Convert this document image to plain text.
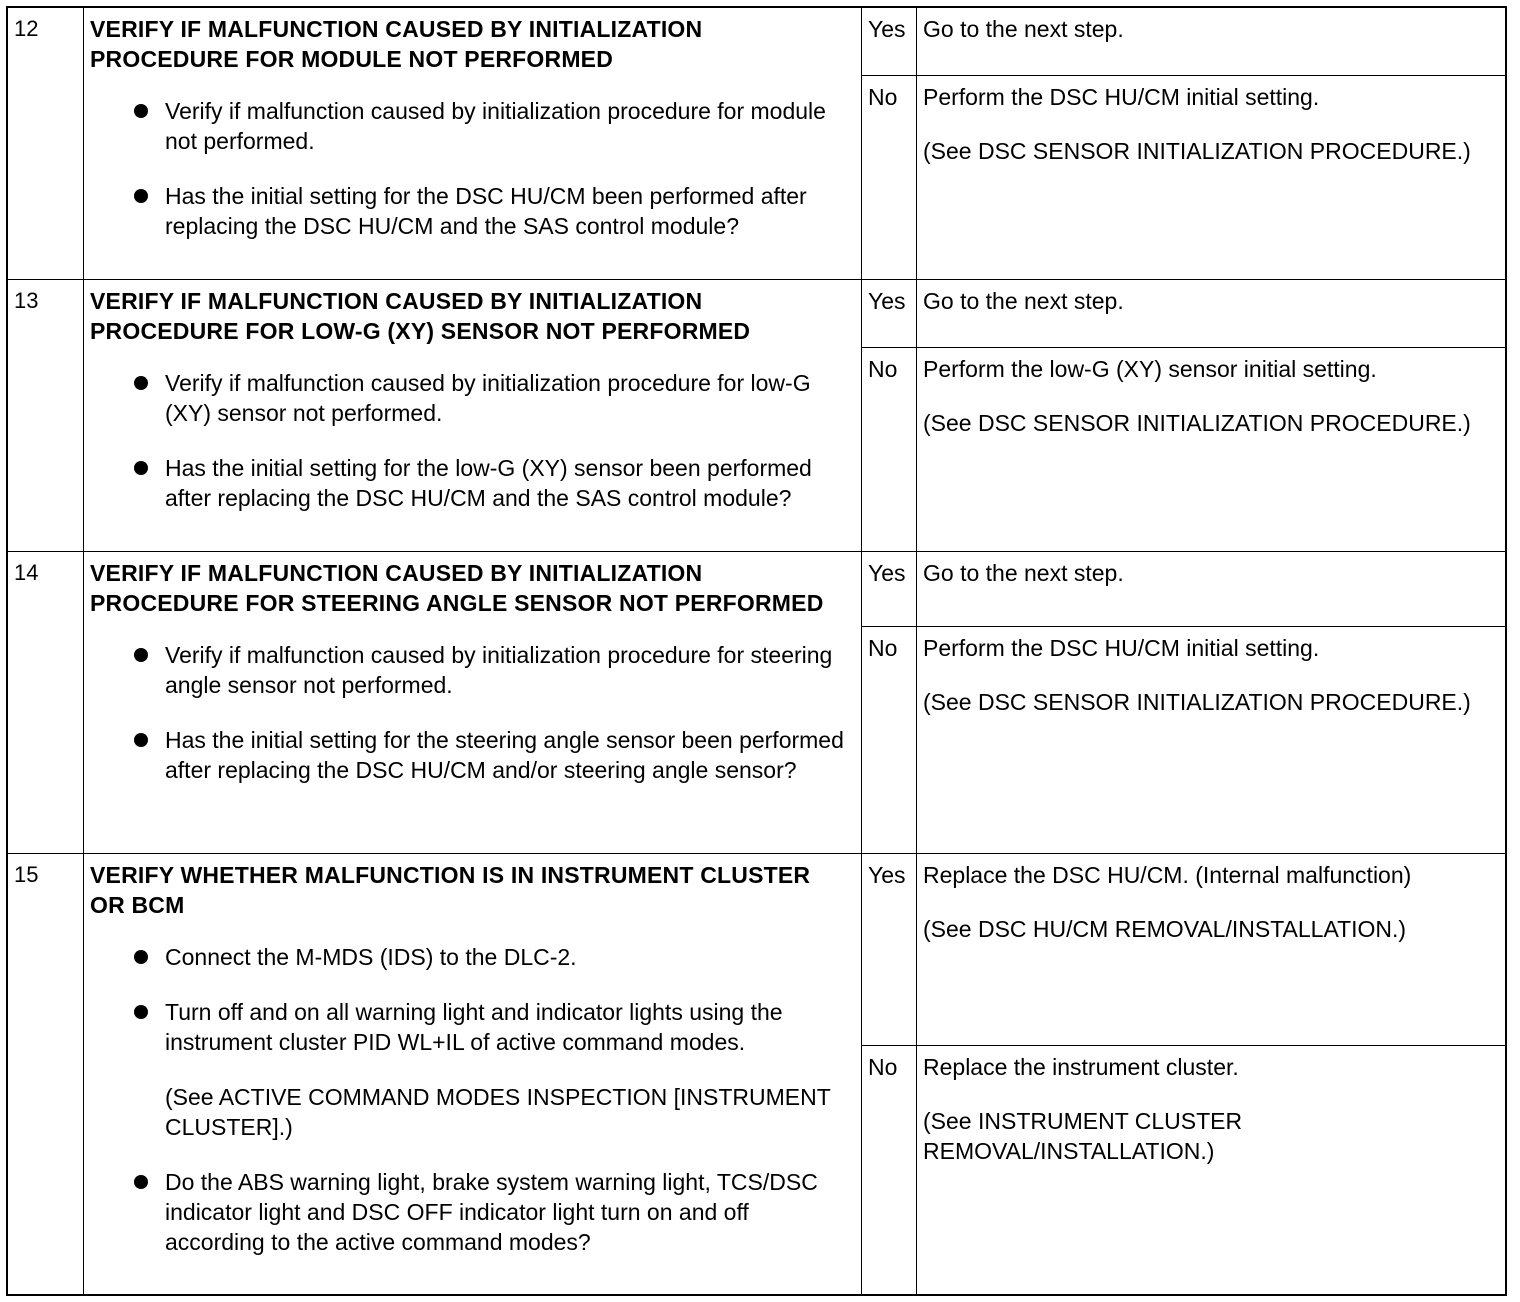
12	VERIFY IF MALFUNCTION CAUSED BY INITIALIZATION PROCEDURE FOR MODULE NOT PERFORMED
Verify if malfunction caused by initialization procedure for module not performed.
Has the initial setting for the DSC HU/CM been performed after replacing the DSC HU/CM and the SAS control module?
Yes Go to the next step.
No	Perform the DSC HU/CM initial setting.
(See DSC SENSOR INITIALIZATION PROCEDURE.)
13	VERIFY IF MALFUNCTION CAUSED BY INITIALIZATION PROCEDURE FOR LOW-G (XY) SENSOR NOT PERFORMED
Verify if malfunction caused by initialization procedure for low-G (XY) sensor not performed.
Has the initial setting for the low-G (XY) sensor been performed after replacing the DSC HU/CM and the SAS control module?
Yes Go to the next step.
No	Perform the low-G (XY) sensor initial setting.
(See DSC SENSOR INITIALIZATION PROCEDURE.)
14	VERIFY IF MALFUNCTION CAUSED BY INITIALIZATION PROCEDURE FOR STEERING ANGLE SENSOR NOT PERFORMED
Verify if malfunction caused by initialization procedure for steering angle sensor not performed.
Has the initial setting for the steering angle sensor been performed after replacing the DSC HU/CM and/or steering angle sensor?
Yes Go to the next step.
No	Perform the DSC HU/CM initial setting.
(See DSC SENSOR INITIALIZATION PROCEDURE.)
15	VERIFY WHETHER MALFUNCTION IS IN INSTRUMENT CLUSTER OR BCM
Connect the M-MDS (IDS) to the DLC-2.
Turn off and on all warning light and indicator lights using the instrument cluster PID WL+IL of active command modes.
(See ACTIVE COMMAND MODES INSPECTION [INSTRUMENT CLUSTER].)
Do the ABS warning light, brake system warning light, TCS/DSC indicator light and DSC OFF indicator light turn on and off according to the active command modes?
Yes Replace the DSC HU/CM. (Internal malfunction)
(See DSC HU/CM REMOVAL/INSTALLATION.)
No	Replace the instrument cluster.
(See INSTRUMENT CLUSTER REMOVAL/INSTALLATION.)
